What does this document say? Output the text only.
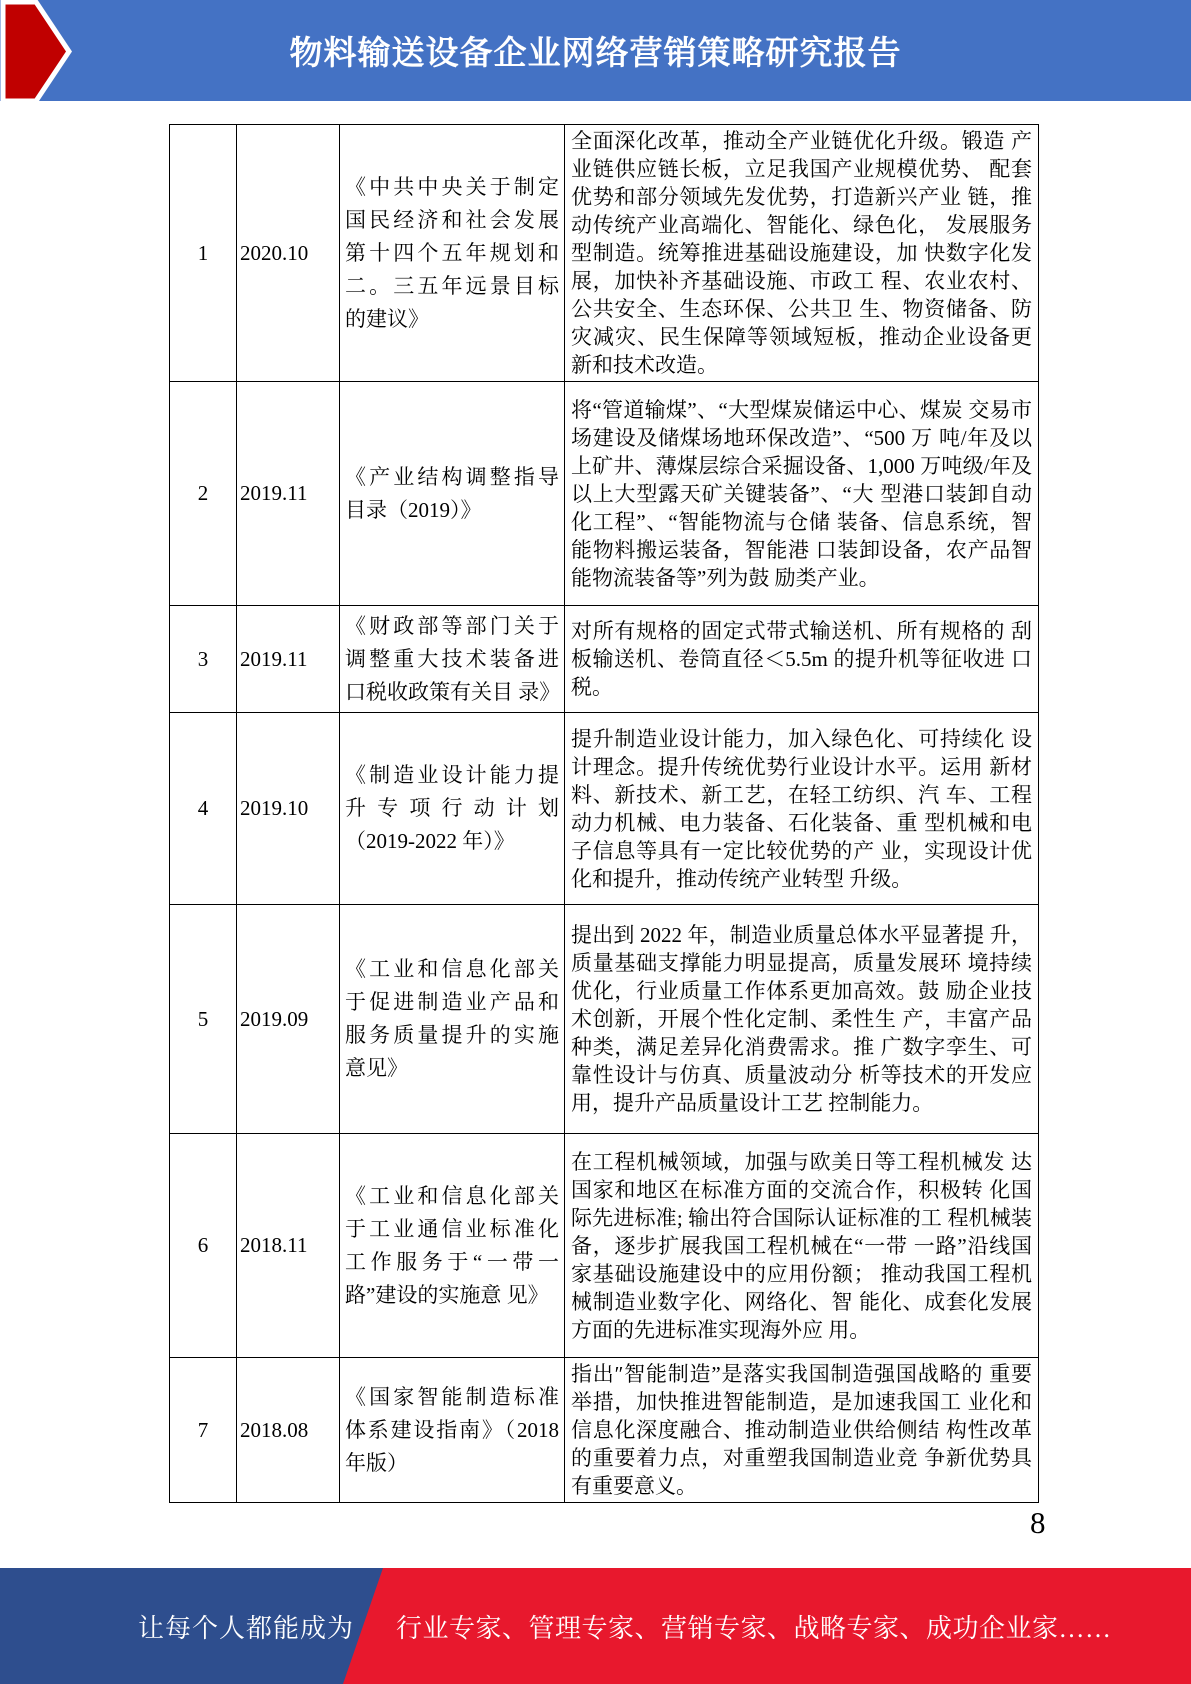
物料输送设备企业网络营销策略研究报告
1	2020.10	《中共中央关于制定 国民经济和社会发展 第十四个五年规划和 二。三五年远景目标 的建议》	全面深化改革，推动全产业链优化升级。锻造 产业链供应链长板，立足我国产业规模优势、 配套优势和部分领域先发优势，打造新兴产业 链，推动传统产业高端化、智能化、绿色化， 发展服务型制造。统筹推进基础设施建设，加 快数字化发展，加快补齐基础设施、市政工 程、农业农村、公共安全、生态环保、公共卫 生、物资储备、防灾减灾、民生保障等领域短板，推动企业设备更新和技术改造。
2	2019.11	《产业结构调整指导 目录（2019）》	将“管道输煤”、“大型煤炭储运中心、煤炭 交易市场建设及储煤场地环保改造”、“500 万 吨/年及以上矿井、薄煤层综合采掘设备、1,000 万吨级/年及以上大型露天矿关键装备”、“大 型港口装卸自动化工程”、“智能物流与仓储 装备、信息系统，智能物料搬运装备，智能港 口装卸设备，农产品智能物流装备等”列为鼓 励类产业。
3	2019.11	《财政部等部门关于 调整重大技术装备进 口税收政策有关目 录》	对所有规格的固定式带式输送机、所有规格的 刮板输送机、卷筒直径＜5.5m 的提升机等征收进 口税。
4	2019.10	《制造业设计能力提 升专项行动计划 （2019-2022 年）》	提升制造业设计能力，加入绿色化、可持续化 设计理念。提升传统优势行业设计水平。运用 新材料、新技术、新工艺，在轻工纺织、汽 车、工程动力机械、电力装备、石化装备、重 型机械和电子信息等具有一定比较优势的产 业，实现设计优化和提升，推动传统产业转型 升级。
5	2019.09	《工业和信息化部关 于促进制造业产品和 服务质量提升的实施 意见》	提出到 2022 年，制造业质量总体水平显著提 升，质量基础支撑能力明显提高，质量发展环 境持续优化，行业质量工作体系更加高效。鼓 励企业技术创新，开展个性化定制、柔性生 产，丰富产品种类，满足差异化消费需求。推 广数字孪生、可靠性设计与仿真、质量波动分 析等技术的开发应用，提升产品质量设计工艺 控制能力。
6	2018.11	《工业和信息化部关 于工业通信业标准化 工作服务于“一带一 路”建设的实施意 见》	在工程机械领域，加强与欧美日等工程机械发 达国家和地区在标准方面的交流合作，积极转 化国际先进标准; 输出符合国际认证标准的工 程机械装备，逐步扩展我国工程机械在“一带 一路”沿线国家基础设施建设中的应用份额； 推动我国工程机械制造业数字化、网络化、智 能化、成套化发展方面的先进标准实现海外应 用。
7	2018.08	《国家智能制造标准 体系建设指南》（2018 年版）	指出″智能制造”是落实我国制造强国战略的 重要举措，加快推进智能制造，是加速我国工 业化和信息化深度融合、推动制造业供给侧结 构性改革的重要着力点，对重塑我国制造业竞 争新优势具有重要意义。
8
让每个人都能成为 行业专家、管理专家、营销专家、战略专家、成功企业家……
